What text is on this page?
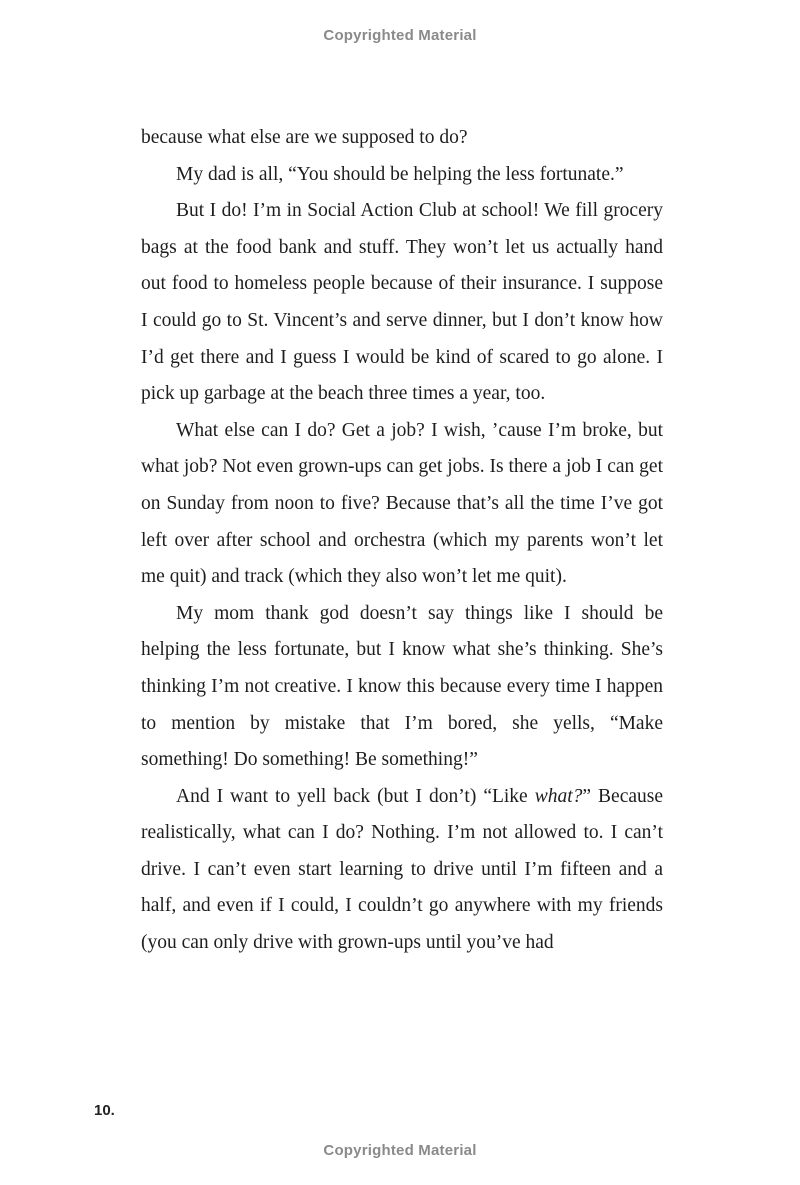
Copyrighted Material

because what else are we supposed to do?

My dad is all, “You should be helping the less fortunate.”

But I do! I’m in Social Action Club at school! We fill grocery bags at the food bank and stuff. They won’t let us actually hand out food to homeless people because of their insurance. I suppose I could go to St. Vincent’s and serve dinner, but I don’t know how I’d get there and I guess I would be kind of scared to go alone. I pick up garbage at the beach three times a year, too.

What else can I do? Get a job? I wish, ’cause I’m broke, but what job? Not even grown-ups can get jobs. Is there a job I can get on Sunday from noon to five? Because that’s all the time I’ve got left over after school and orchestra (which my parents won’t let me quit) and track (which they also won’t let me quit).

My mom thank god doesn’t say things like I should be helping the less fortunate, but I know what she’s thinking. She’s thinking I’m not creative. I know this because every time I happen to mention by mistake that I’m bored, she yells, “Make something! Do something! Be something!”

And I want to yell back (but I don’t) “Like what?” Because realistically, what can I do? Nothing. I’m not allowed to. I can’t drive. I can’t even start learning to drive until I’m fifteen and a half, and even if I could, I couldn’t go anywhere with my friends (you can only drive with grown-ups until you’ve had

10.
Copyrighted Material
